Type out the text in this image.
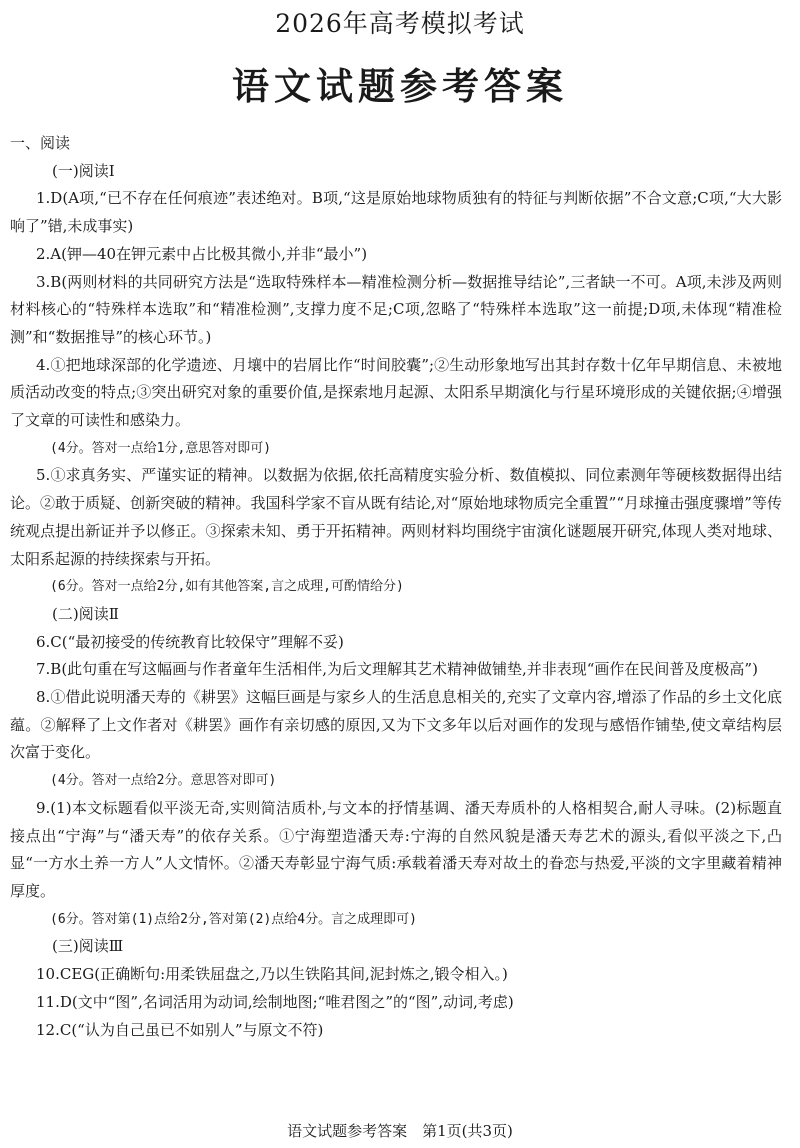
2026年高考模拟考试
语文试题参考答案

一、阅读

(一)阅读Ⅰ

1.D(A项,“已不存在任何痕迹”表述绝对。B项,“这是原始地球物质独有的特征与判断依据”不合文意;C项,“大大影响了”错,未成事实)

2.A(钾—40在钾元素中占比极其微小,并非“最小”)

3.B(两则材料的共同研究方法是“选取特殊样本—精准检测分析—数据推导结论”,三者缺一不可。A项,未涉及两则材料核心的“特殊样本选取”和“精准检测”,支撑力度不足;C项,忽略了“特殊样本选取”这一前提;D项,未体现“精准检测”和“数据推导”的核心环节。)

4.①把地球深部的化学遗迹、月壤中的岩屑比作“时间胶囊”;②生动形象地写出其封存数十亿年早期信息、未被地质活动改变的特点;③突出研究对象的重要价值,是探索地月起源、太阳系早期演化与行星环境形成的关键依据;④增强了文章的可读性和感染力。

(4分。答对一点给1分,意思答对即可)

5.①求真务实、严谨实证的精神。以数据为依据,依托高精度实验分析、数值模拟、同位素测年等硬核数据得出结论。②敢于质疑、创新突破的精神。我国科学家不盲从既有结论,对“原始地球物质完全重置”“月球撞击强度骤增”等传统观点提出新证并予以修正。③探索未知、勇于开拓精神。两则材料均围绕宇宙演化谜题展开研究,体现人类对地球、太阳系起源的持续探索与开拓。

(6分。答对一点给2分,如有其他答案,言之成理,可酌情给分)

(二)阅读Ⅱ

6.C(“最初接受的传统教育比较保守”理解不妥)

7.B(此句重在写这幅画与作者童年生活相伴,为后文理解其艺术精神做铺垫,并非表现“画作在民间普及度极高”)

8.①借此说明潘天寿的《耕罢》这幅巨画是与家乡人的生活息息相关的,充实了文章内容,增添了作品的乡土文化底蕴。②解释了上文作者对《耕罢》画作有亲切感的原因,又为下文多年以后对画作的发现与感悟作铺垫,使文章结构层次富于变化。

(4分。答对一点给2分。意思答对即可)

9.(1)本文标题看似平淡无奇,实则简洁质朴,与文本的抒情基调、潘天寿质朴的人格相契合,耐人寻味。(2)标题直接点出“宁海”与“潘天寿”的依存关系。①宁海塑造潘天寿:宁海的自然风貌是潘天寿艺术的源头,看似平淡之下,凸显“一方水土养一方人”人文情怀。②潘天寿彰显宁海气质:承载着潘天寿对故土的眷恋与热爱,平淡的文字里藏着精神厚度。

(6分。答对第(1)点给2分,答对第(2)点给4分。言之成理即可)

(三)阅读Ⅲ

10.CEG(正确断句:用柔铁屈盘之,乃以生铁陷其间,泥封炼之,锻令相入。)

11.D(文中“图”,名词活用为动词,绘制地图;“唯君图之”的“图”,动词,考虑)

12.C(“认为自己虽已不如别人”与原文不符)

语文试题参考答案　第1页(共3页)
